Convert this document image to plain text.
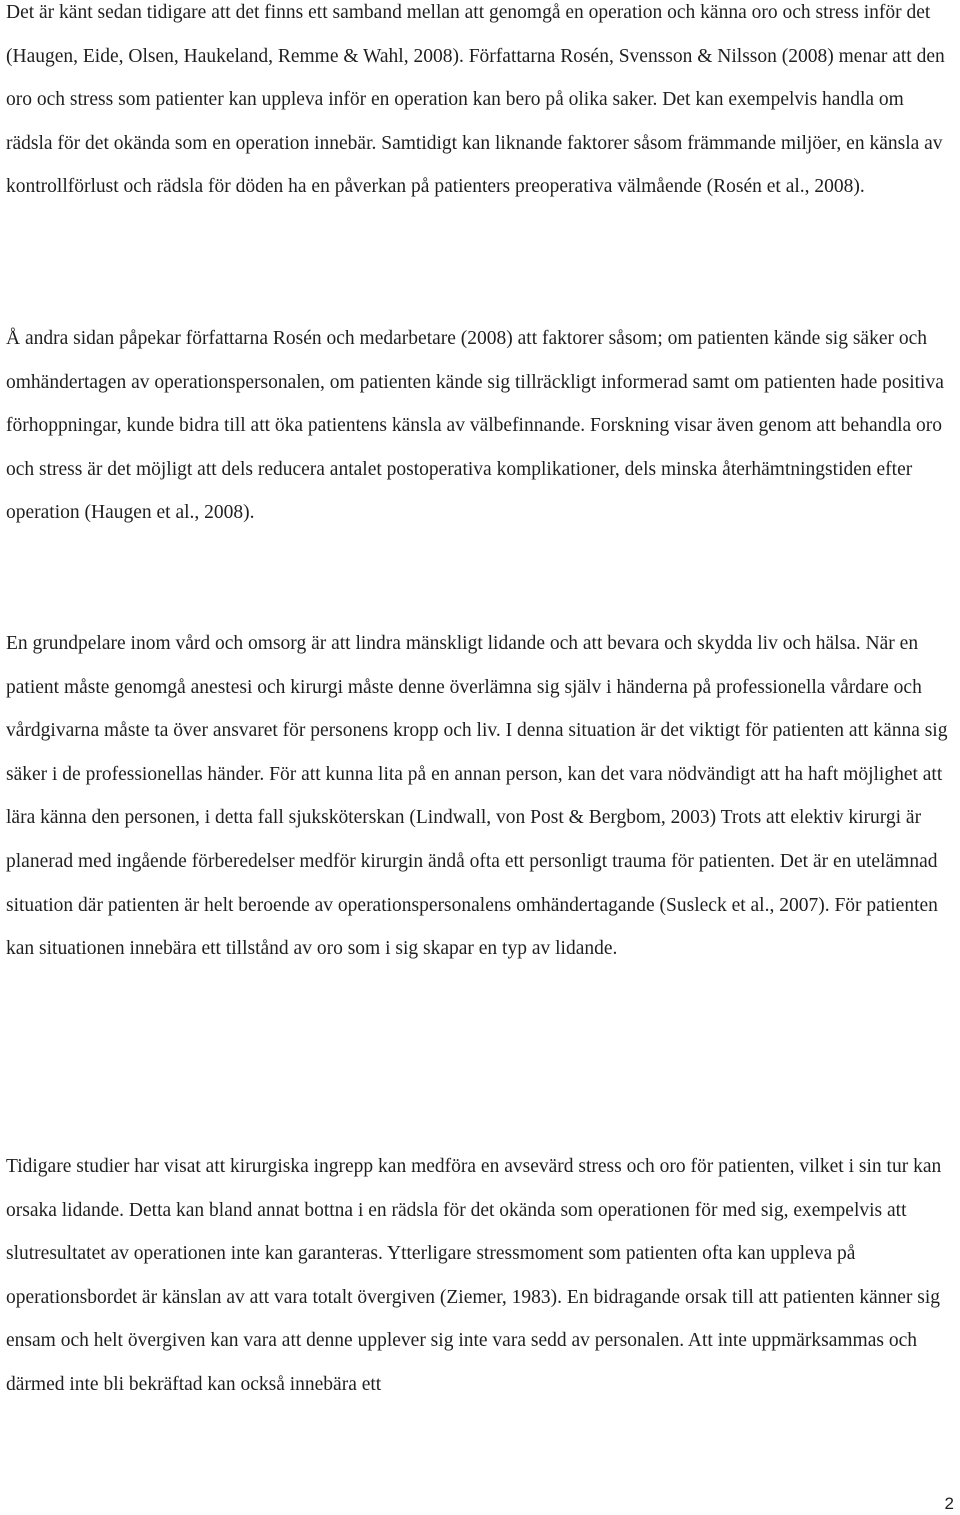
Det är känt sedan tidigare att det finns ett samband mellan att genomgå en operation och känna oro och stress inför det (Haugen, Eide, Olsen, Haukeland, Remme & Wahl, 2008). Författarna Rosén, Svensson & Nilsson (2008) menar att den oro och stress som patienter kan uppleva inför en operation kan bero på olika saker. Det kan exempelvis handla om rädsla för det okända som en operation innebär. Samtidigt kan liknande faktorer såsom främmande miljöer, en känsla av kontrollförlust och rädsla för döden ha en påverkan på patienters preoperativa välmående (Rosén et al., 2008).

Å andra sidan påpekar författarna Rosén och medarbetare (2008) att faktorer såsom; om patienten kände sig säker och omhändertagen av operationspersonalen, om patienten kände sig tillräckligt informerad samt om patienten hade positiva förhoppningar, kunde bidra till att öka patientens känsla av välbefinnande. Forskning visar även genom att behandla oro och stress är det möjligt att dels reducera antalet postoperativa komplikationer, dels minska återhämtningstiden efter operation (Haugen et al., 2008).

En grundpelare inom vård och omsorg är att lindra mänskligt lidande och att bevara och skydda liv och hälsa. När en patient måste genomgå anestesi och kirurgi måste denne överlämna sig själv i händerna på professionella vårdare och vårdgivarna måste ta över ansvaret för personens kropp och liv. I denna situation är det viktigt för patienten att känna sig säker i de professionellas händer. För att kunna lita på en annan person, kan det vara nödvändigt att ha haft möjlighet att lära känna den personen, i detta fall sjuksköterskan (Lindwall, von Post & Bergbom, 2003) Trots att elektiv kirurgi är planerad med ingående förberedelser medför kirurgin ändå ofta ett personligt trauma för patienten. Det är en utelämnad situation där patienten är helt beroende av operationspersonalens omhändertagande (Susleck et al., 2007). För patienten kan situationen innebära ett tillstånd av oro som i sig skapar en typ av lidande.

Tidigare studier har visat att kirurgiska ingrepp kan medföra en avsevärd stress och oro för patienten, vilket i sin tur kan orsaka lidande. Detta kan bland annat bottna i en rädsla för det okända som operationen för med sig, exempelvis att slutresultatet av operationen inte kan garanteras. Ytterligare stressmoment som patienten ofta kan uppleva på operationsbordet är känslan av att vara totalt övergiven (Ziemer, 1983). En bidragande orsak till att patienten känner sig ensam och helt övergiven kan vara att denne upplever sig inte vara sedd av personalen. Att inte uppmärksammas och därmed inte bli bekräftad kan också innebära ett

2
